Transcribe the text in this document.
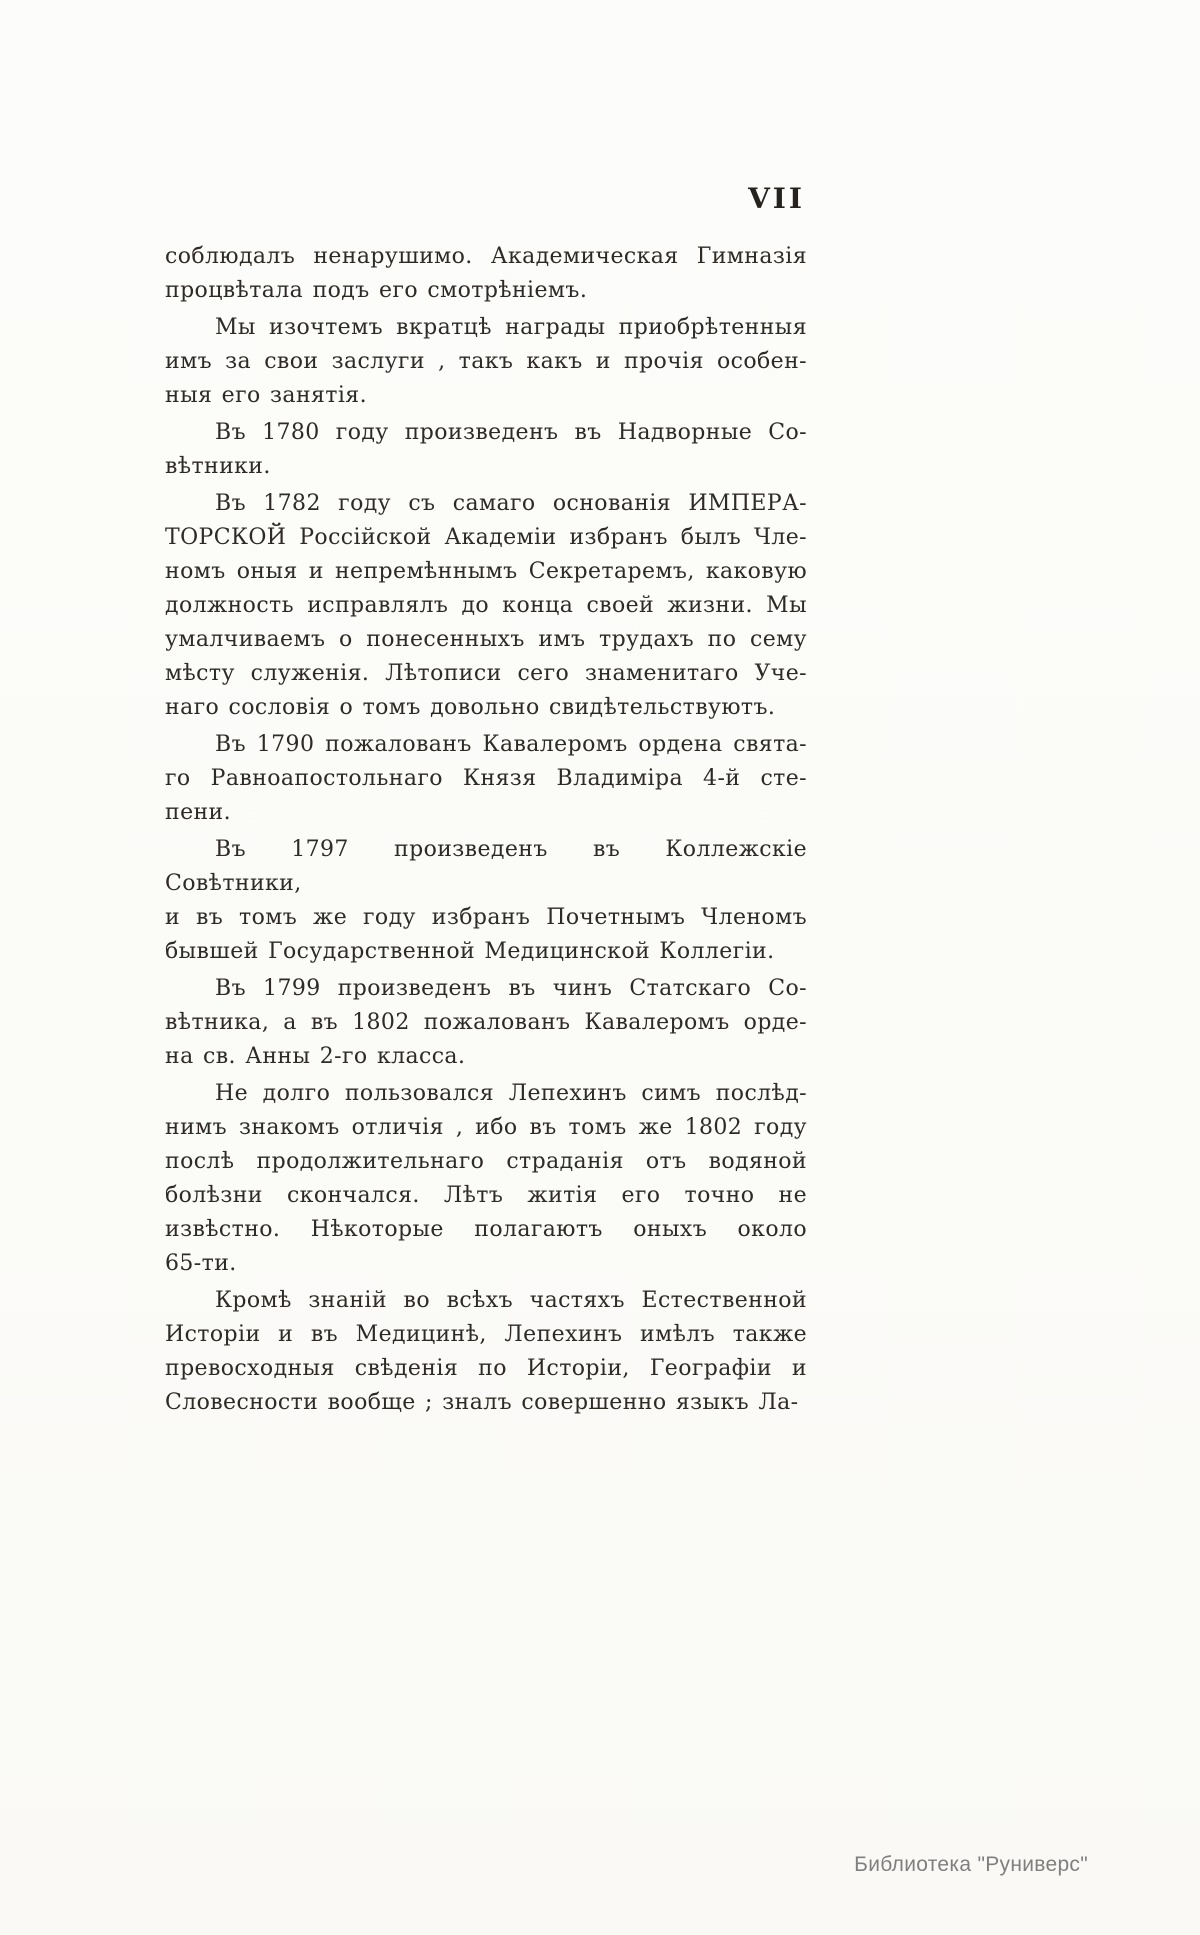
VII
соблюдалъ ненарушимо. Академическая Гимназія
процвѣтала подъ его смотрѣніемъ.
Мы изочтемъ вкратцѣ награды приобрѣтенныя
имъ за свои заслуги , такъ какъ и прочія особен-
ныя его занятія.
Въ 1780 году произведенъ въ Надворные Со-
вѣтники.
Въ 1782 году съ самаго основанія ИМПЕРА-
ТОРСКОЙ Россійской Академіи избранъ былъ Чле-
номъ оныя и непремѣннымъ Секретаремъ, каковую
должность исправлялъ до конца своей жизни. Мы
умалчиваемъ о понесенныхъ имъ трудахъ по сему
мѣсту служенія. Лѣтописи сего знаменитаго Уче-
наго сословія о томъ довольно свидѣтельствуютъ.
Въ 1790 пожалованъ Кавалеромъ ордена свята-
го Равноапостольнаго Князя Владиміра 4-й сте-
пени.
Въ 1797 произведенъ въ Коллежскіе Совѣтники,
и въ томъ же году избранъ Почетнымъ Членомъ
бывшей Государственной Медицинской Коллегіи.
Въ 1799 произведенъ въ чинъ Статскаго Со-
вѣтника, а въ 1802 пожалованъ Кавалеромъ орде-
на св. Анны 2-го класса.
Не долго пользовался Лепехинъ симъ послѣд-
нимъ знакомъ отличія , ибо въ томъ же 1802 году
послѣ продолжительнаго страданія отъ водяной
болѣзни скончался. Лѣтъ житія его точно не
извѣстно. Нѣкоторые полагаютъ оныхъ около
65-ти.
Кромѣ знаній во всѣхъ частяхъ Естественной
Исторіи и въ Медицинѣ, Лепехинъ имѣлъ также
превосходныя свѣденія по Исторіи, Географіи и
Словесности вообще ; зналъ совершенно языкъ Ла-
Библиотека "Руниверс"
